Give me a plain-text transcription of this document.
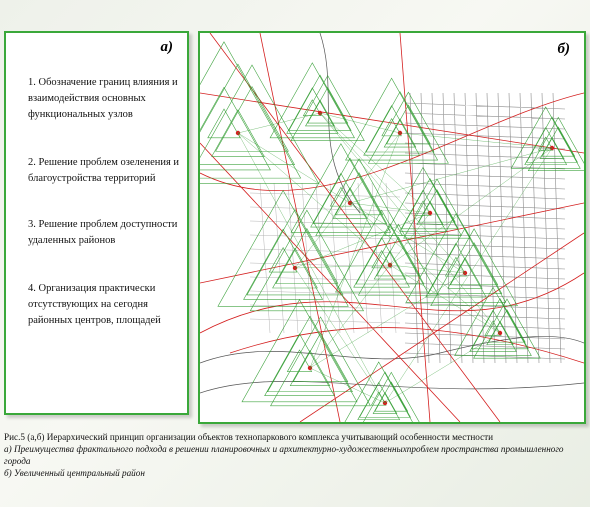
а)
1. Обозначение границ влияния и взаимодействия основных функциональных узлов
2. Решение проблем озеленения и благоустройства территорий
3. Решение проблем доступности удаленных районов
4. Организация практически отсутствующих на сегодня районных центров, площадей
б)
Рис.5 (а,б) Иерархический принцип организации объектов технопаркового комплекса учитывающий особенности местности
а) Преимущества фрактального подхода в решении планировочных и архитектурно-художественныхпроблем пространства промышленного города
б) Увеличенный центральный район
